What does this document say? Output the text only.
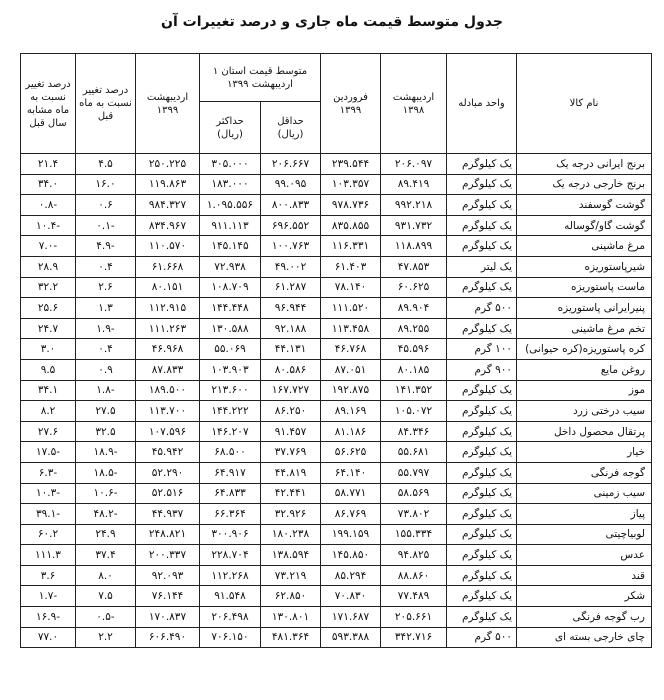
جدول متوسط قیمت ماه جاری و درصد تغییرات آن
نام کالا	واحد مبادله	اردیبهشت ۱۳۹۸	فروردین ۱۳۹۹	متوسط قیمت استان ۱ اردیبهشت ۱۳۹۹		اردیبهشت ۱۳۹۹	درصد تغییر نسبت به ماه قبل	درصد تغییر نسبت به ماه مشابه سال قبل
				حداقل (ریال)	حداکثر (ریال)			
برنج ایرانی درجه یک	یک کیلوگرم	۲۰۶.۰۹۷	۲۳۹.۵۴۴	۲۰۶.۶۶۷	۳۰۵.۰۰۰	۲۵۰.۲۲۵	۴.۵	۲۱.۴
برنج خارجی درجه یک	یک کیلوگرم	۸۹.۴۱۹	۱۰۳.۳۵۷	۹۹.۰۹۵	۱۸۳.۰۰۰	۱۱۹.۸۶۳	۱۶.۰	۳۴.۰
گوشت گوسفند	یک کیلوگرم	۹۹۲.۲۱۸	۹۷۸.۷۳۶	۸۰۰.۸۳۳	۱.۰۹۵.۵۵۶	۹۸۴.۳۲۷	۰.۶	-۰.۸
گوشت گاو/گوساله	یک کیلوگرم	۹۳۱.۷۳۲	۸۳۵.۸۵۵	۶۹۶.۵۵۲	۹۱۱.۱۱۳	۸۳۴.۹۶۷	-۰.۱	-۱۰.۴
مرغ ماشینی	یک کیلوگرم	۱۱۸.۸۹۹	۱۱۶.۳۳۱	۱۰۰.۷۶۳	۱۴۵.۱۴۵	۱۱۰.۵۷۰	-۴.۹	-۷.۰
شیرپاستوریزه	یک لیتر	۴۷.۸۵۳	۶۱.۴۰۳	۴۹.۰۰۲	۷۲.۹۳۸	۶۱.۶۶۸	۰.۴	۲۸.۹
ماست پاستوریزه	یک کیلوگرم	۶۰.۶۲۵	۷۸.۱۴۰	۶۱.۲۸۷	۱۰۸.۷۰۹	۸۰.۱۵۱	۲.۶	۳۲.۲
پنیرایرانی پاستوریزه	۵۰۰ گرم	۸۹.۹۰۴	۱۱۱.۵۲۰	۹۶.۹۴۴	۱۴۴.۴۴۸	۱۱۲.۹۱۵	۱.۳	۲۵.۶
تخم مرغ ماشینی	یک کیلوگرم	۸۹.۲۵۵	۱۱۳.۴۵۸	۹۲.۱۸۸	۱۳۰.۵۸۸	۱۱۱.۲۶۳	-۱.۹	۲۴.۷
کره پاستوریزه(کره حیوانی)	۱۰۰ گرم	۴۵.۵۹۶	۴۶.۷۶۸	۴۴.۱۳۱	۵۵.۰۶۹	۴۶.۹۶۸	۰.۴	۳.۰
روغن مایع	۹۰۰ گرم	۸۰.۱۸۵	۸۷.۰۵۱	۸۰.۵۸۶	۱۰۳.۹۰۳	۸۷.۸۳۳	۰.۹	۹.۵
موز	یک کیلوگرم	۱۴۱.۳۵۲	۱۹۲.۸۷۵	۱۶۷.۷۲۷	۲۱۳.۶۰۰	۱۸۹.۵۰۰	-۱.۸	۳۴.۱
سیب درختی زرد	یک کیلوگرم	۱۰۵.۰۷۲	۸۹.۱۶۹	۸۶.۲۵۰	۱۴۴.۲۲۲	۱۱۳.۷۰۰	۲۷.۵	۸.۲
پرتقال محصول داخل	یک کیلوگرم	۸۴.۳۴۶	۸۱.۱۸۶	۹۱.۴۵۷	۱۴۶.۲۰۷	۱۰۷.۵۹۶	۳۲.۵	۲۷.۶
خیار	یک کیلوگرم	۵۵.۶۸۱	۵۶.۶۲۵	۳۷.۷۶۹	۶۸.۵۰۰	۴۵.۹۴۲	-۱۸.۹	-۱۷.۵
گوجه فرنگی	یک کیلوگرم	۵۵.۷۹۷	۶۴.۱۴۰	۴۴.۸۱۹	۶۴.۹۱۷	۵۲.۲۹۰	-۱۸.۵	-۶.۳
سیب زمینی	یک کیلوگرم	۵۸.۵۶۹	۵۸.۷۷۱	۴۲.۴۴۱	۶۴.۸۳۳	۵۲.۵۱۶	-۱۰.۶	-۱۰.۳
پیاز	یک کیلوگرم	۷۳.۸۰۲	۸۶.۷۶۹	۳۲.۹۲۶	۶۶.۳۶۴	۴۴.۹۳۷	-۴۸.۲	-۳۹.۱
لوبیاچیتی	یک کیلوگرم	۱۵۵.۳۳۴	۱۹۹.۱۵۹	۱۸۰.۲۳۸	۳۰۰.۹۰۶	۲۴۸.۸۲۱	۲۴.۹	۶۰.۲
عدس	یک کیلوگرم	۹۴.۸۲۵	۱۴۵.۸۵۰	۱۳۸.۵۹۴	۲۲۸.۷۰۴	۲۰۰.۳۳۷	۳۷.۴	۱۱۱.۳
قند	یک کیلوگرم	۸۸.۸۶۰	۸۵.۲۹۴	۷۳.۲۱۹	۱۱۲.۲۶۸	۹۲.۰۹۳	۸.۰	۳.۶
شکر	یک کیلوگرم	۷۷.۴۸۹	۷۰.۸۳۰	۶۲.۸۵۰	۹۱.۵۴۸	۷۶.۱۴۴	۷.۵	-۱.۷
رب گوجه فرنگی	یک کیلوگرم	۲۰۵.۶۶۱	۱۷۱.۶۸۷	۱۳۰.۸۰۱	۲۰۶.۴۹۸	۱۷۰.۸۳۷	-۰.۵	-۱۶.۹
چای خارجی بسته ای	۵۰۰ گرم	۳۴۲.۷۱۶	۵۹۳.۳۸۸	۴۸۱.۳۶۴	۷۰۶.۱۵۰	۶۰۶.۴۹۰	۲.۲	۷۷.۰
